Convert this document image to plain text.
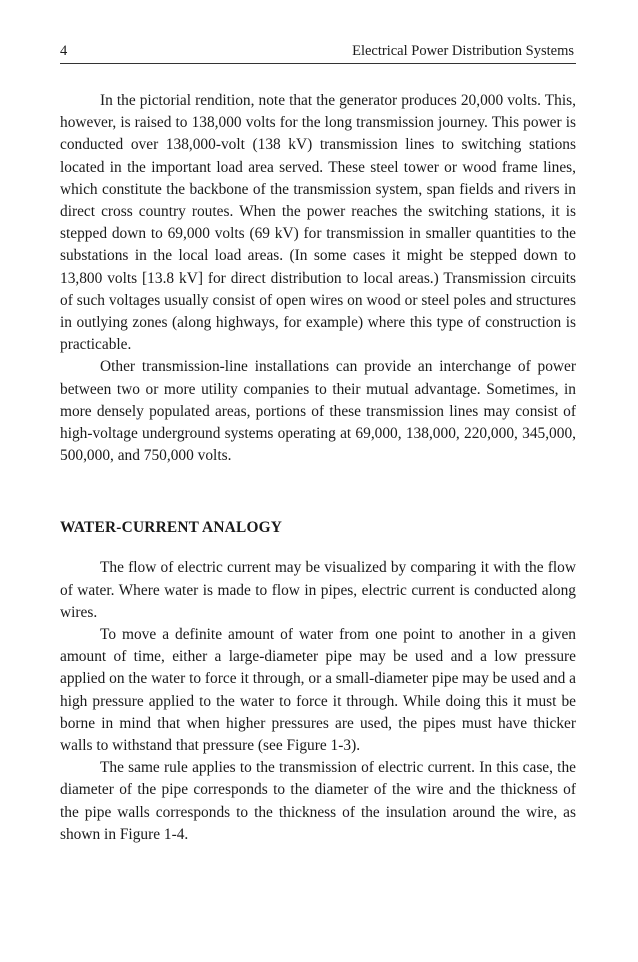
4	Electrical Power Distribution Systems

In the pictorial rendition, note that the generator produces 20,000 volts. This, however, is raised to 138,000 volts for the long transmission journey. This power is conducted over 138,000-volt (138 kV) transmission lines to switching stations located in the important load area served. These steel tower or wood frame lines, which constitute the backbone of the transmission system, span fields and rivers in direct cross country routes. When the power reaches the switching stations, it is stepped down to 69,000 volts (69 kV) for transmission in smaller quantities to the substations in the local load areas. (In some cases it might be stepped down to 13,800 volts [13.8 kV] for direct distribution to local areas.) Transmission circuits of such voltages usually consist of open wires on wood or steel poles and structures in outlying zones (along highways, for example) where this type of construction is practicable.

Other transmission-line installations can provide an interchange of power between two or more utility companies to their mutual advantage. Sometimes, in more densely populated areas, portions of these transmission lines may consist of high-voltage underground systems operating at 69,000, 138,000, 220,000, 345,000, 500,000, and 750,000 volts.

WATER-CURRENT ANALOGY

The flow of electric current may be visualized by comparing it with the flow of water. Where water is made to flow in pipes, electric current is conducted along wires.

To move a definite amount of water from one point to another in a given amount of time, either a large-diameter pipe may be used and a low pressure applied on the water to force it through, or a small-diameter pipe may be used and a high pressure applied to the water to force it through. While doing this it must be borne in mind that when higher pressures are used, the pipes must have thicker walls to withstand that pressure (see Figure 1-3).

The same rule applies to the transmission of electric current. In this case, the diameter of the pipe corresponds to the diameter of the wire and the thickness of the pipe walls corresponds to the thickness of the insulation around the wire, as shown in Figure 1-4.
